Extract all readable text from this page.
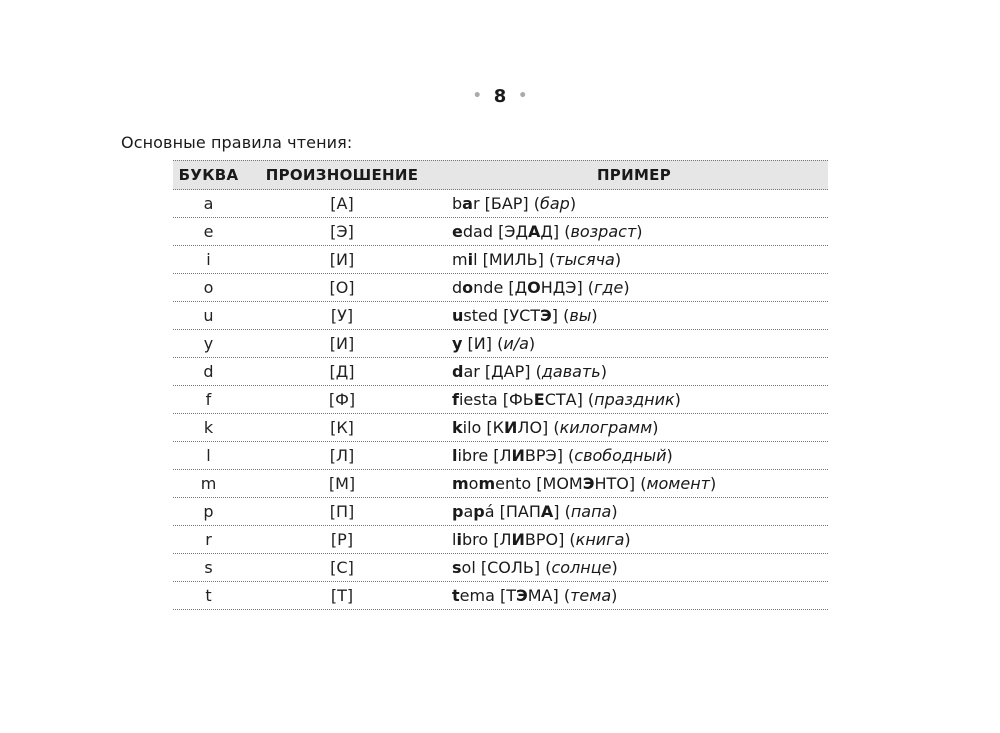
• 8 •
Основные правила чтения:
БУКВА	ПРОИЗНОШЕНИЕ	ПРИМЕР
a	[А]	bar [БАР] (бар)
e	[Э]	edad [ЭДАД] (возраст)
i	[И]	mil [МИЛЬ] (тысяча)
o	[О]	donde [ДОНДЭ] (где)
u	[У]	usted [УСТЭ] (вы)
y	[И]	y [И] (и/а)
d	[Д]	dar [ДАР] (давать)
f	[Ф]	fiesta [ФЬЕСТА] (праздник)
k	[К]	kilo [КИЛО] (килограмм)
l	[Л]	libre [ЛИВРЭ] (свободный)
m	[М]	momento [МОМЭНТО] (момент)
p	[П]	papá [ПАПА] (папа)
r	[Р]	libro [ЛИВРО] (книга)
s	[С]	sol [СОЛЬ] (солнце)
t	[Т]	tema [ТЭМА] (тема)
